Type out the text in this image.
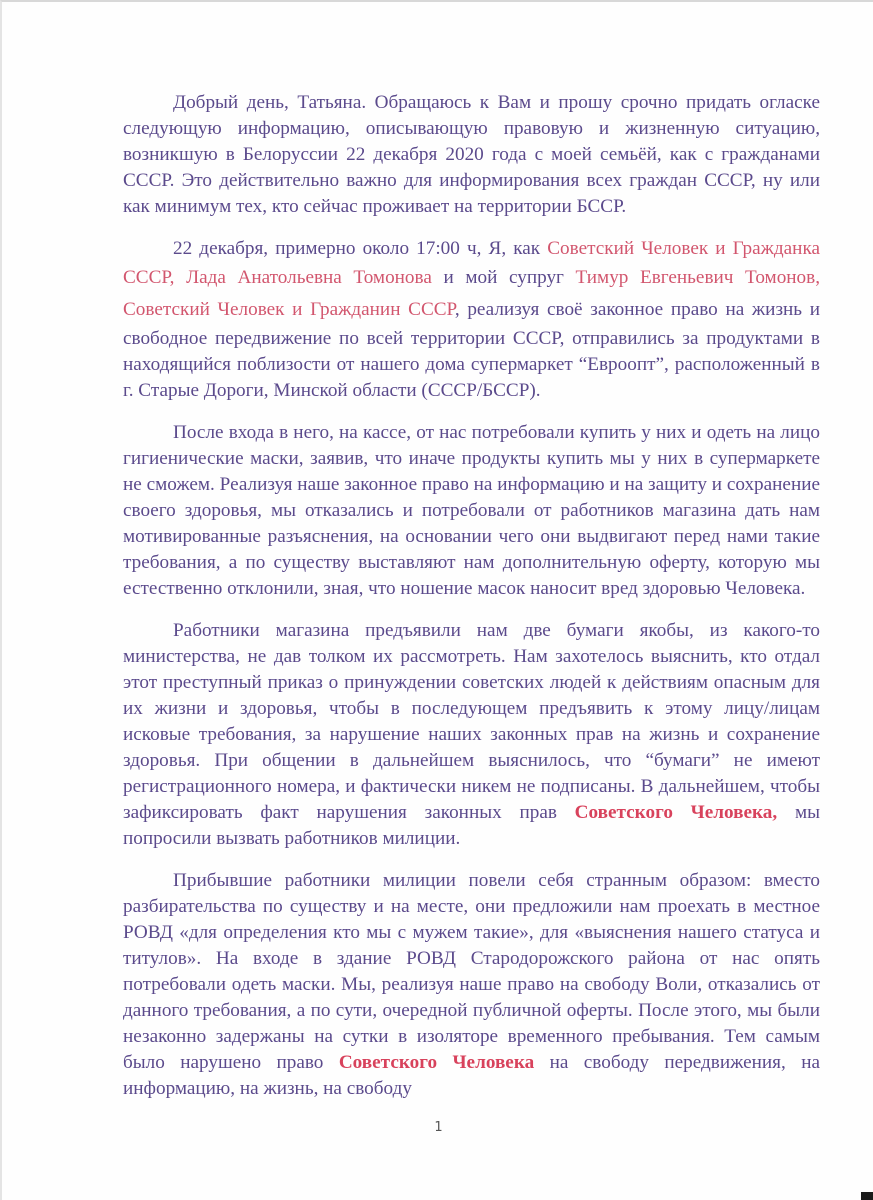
Добрый день, Татьяна. Обращаюсь к Вам и прошу срочно придать огласке следующую информацию, описывающую правовую и жизненную ситуацию, возникшую в Белоруссии 22 декабря 2020 года с моей семьёй, как с гражданами СССР. Это действительно важно для информирования всех граждан СССР, ну или как минимум тех, кто сейчас проживает на территории БССР.

22 декабря, примерно около 17:00 ч, Я, как Советский Человек и Гражданка СССР, Лада Анатольевна Томонова и мой супруг Тимур Евгеньевич Томонов, Советский Человек и Гражданин СССР, реализуя своё законное право на жизнь и свободное передвижение по всей территории СССР, отправились за продуктами в находящийся поблизости от нашего дома супермаркет “Евроопт”, расположенный в г. Старые Дороги, Минской области (СССР/БССР).

После входа в него, на кассе, от нас потребовали купить у них и одеть на лицо гигиенические маски, заявив, что иначе продукты купить мы у них в супермаркете не сможем. Реализуя наше законное право на информацию и на защиту и сохранение своего здоровья, мы отказались и потребовали от работников магазина дать нам мотивированные разъяснения, на основании чего они выдвигают перед нами такие требования, а по существу выставляют нам дополнительную оферту, которую мы естественно отклонили, зная, что ношение масок наносит вред здоровью Человека.

Работники магазина предъявили нам две бумаги якобы, из какого-то министерства, не дав толком их рассмотреть. Нам захотелось выяснить, кто отдал этот преступный приказ о принуждении советских людей к действиям опасным для их жизни и здоровья, чтобы в последующем предъявить к этому лицу/лицам исковые требования, за нарушение наших законных прав на жизнь и сохранение здоровья. При общении в дальнейшем выяснилось, что “бумаги” не имеют регистрационного номера, и фактически никем не подписаны. В дальнейшем, чтобы зафиксировать факт нарушения законных прав Советского Человека, мы попросили вызвать работников милиции.

Прибывшие работники милиции повели себя странным образом: вместо разбирательства по существу и на месте, они предложили нам проехать в местное РОВД «для определения кто мы с мужем такие», для «выяснения нашего статуса и титулов». На входе в здание РОВД Стародорожского района от нас опять потребовали одеть маски. Мы, реализуя наше право на свободу Воли, отказались от данного требования, а по сути, очередной публичной оферты. После этого, мы были незаконно задержаны на сутки в изоляторе временного пребывания. Тем самым было нарушено право Советского Человека на свободу передвижения, на информацию, на жизнь, на свободу

1
